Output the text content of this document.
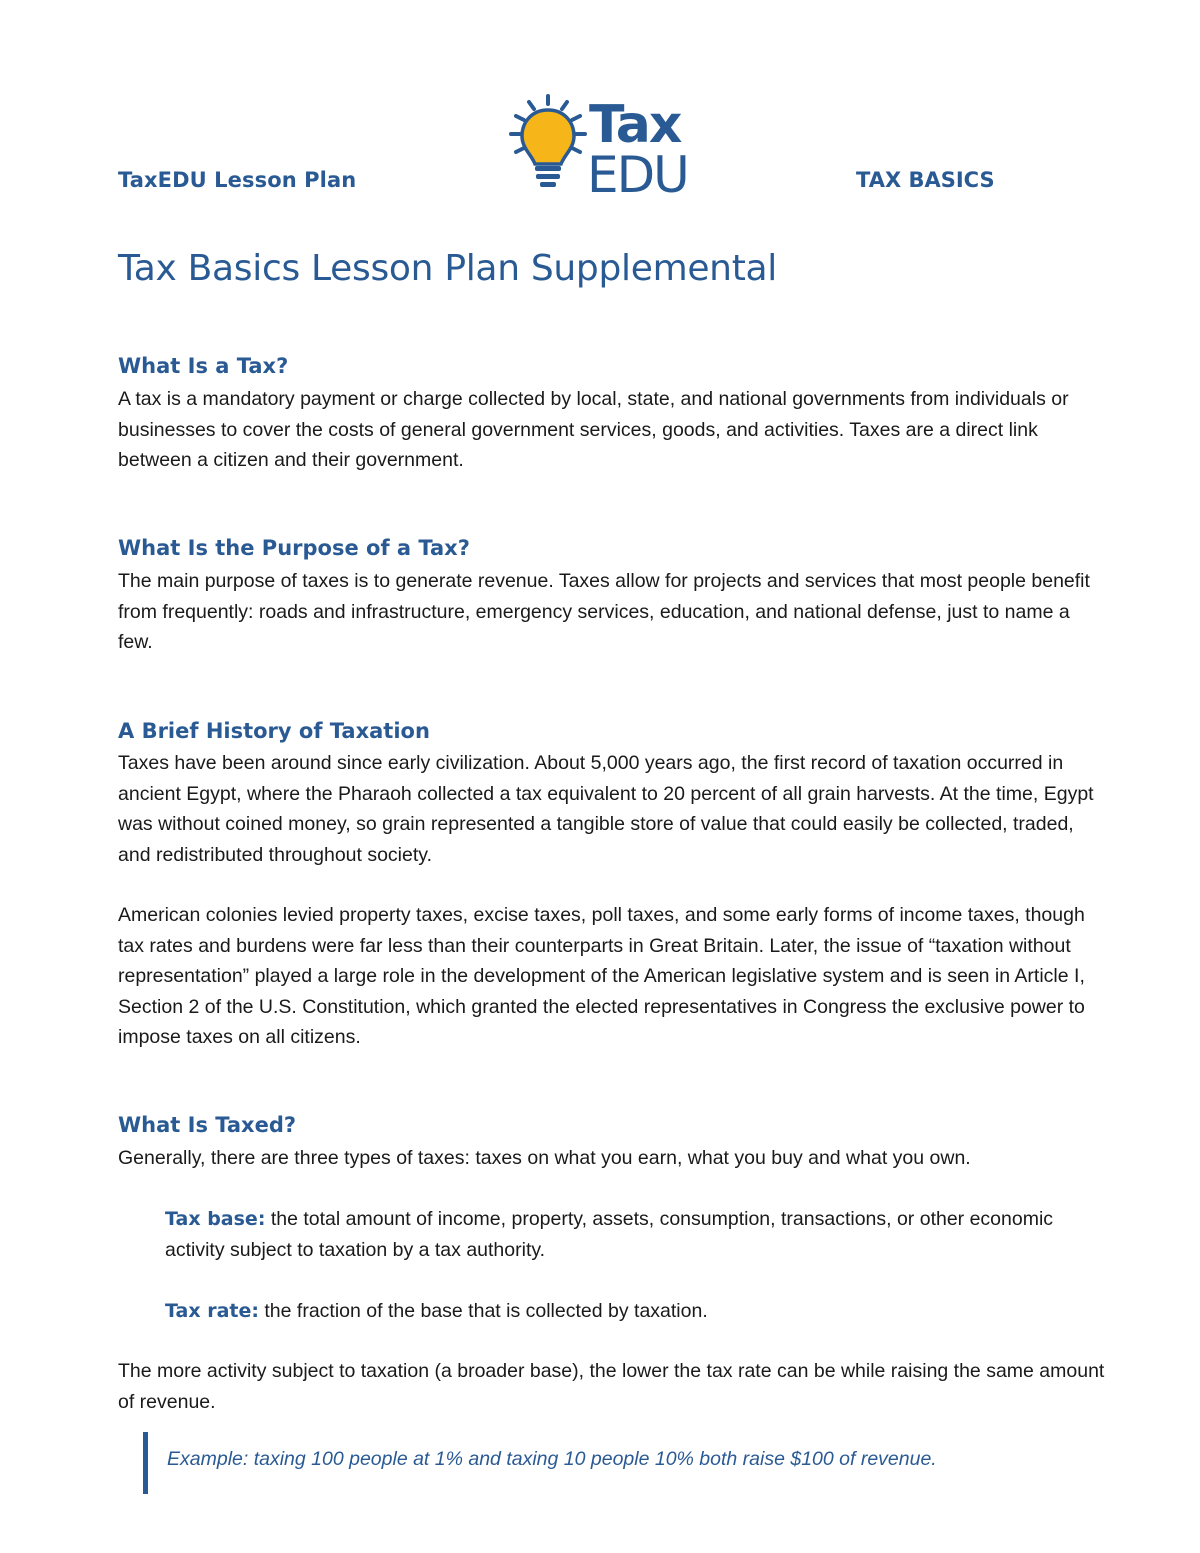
TaxEDU Lesson Plan
Tax
EDU	TAX BASICS
Tax Basics Lesson Plan Supplemental
What Is a Tax?

A tax is a mandatory payment or charge collected by local, state, and national governments from individuals or businesses to cover the costs of general government services, goods, and activities. Taxes are a direct link between a citizen and their government.

What Is the Purpose of a Tax?

The main purpose of taxes is to generate revenue. Taxes allow for projects and services that most people benefit from frequently: roads and infrastructure, emergency services, education, and national defense, just to name a few.

A Brief History of Taxation

Taxes have been around since early civilization. About 5,000 years ago, the first record of taxation occurred in ancient Egypt, where the Pharaoh collected a tax equivalent to 20 percent of all grain harvests. At the time, Egypt was without coined money, so grain represented a tangible store of value that could easily be collected, traded, and redistributed throughout society.

American colonies levied property taxes, excise taxes, poll taxes, and some early forms of income taxes, though tax rates and burdens were far less than their counterparts in Great Britain. Later, the issue of “taxation without representation” played a large role in the development of the American legislative system and is seen in Article I, Section 2 of the U.S. Constitution, which granted the elected representatives in Congress the exclusive power to impose taxes on all citizens.

What Is Taxed?

Generally, there are three types of taxes: taxes on what you earn, what you buy and what you own.

Tax base: the total amount of income, property, assets, consumption, transactions, or other economic activity subject to taxation by a tax authority.

Tax rate: the fraction of the base that is collected by taxation.

The more activity subject to taxation (a broader base), the lower the tax rate can be while raising the same amount of revenue.

Example: taxing 100 people at 1% and taxing 10 people 10% both raise $100 of revenue.
